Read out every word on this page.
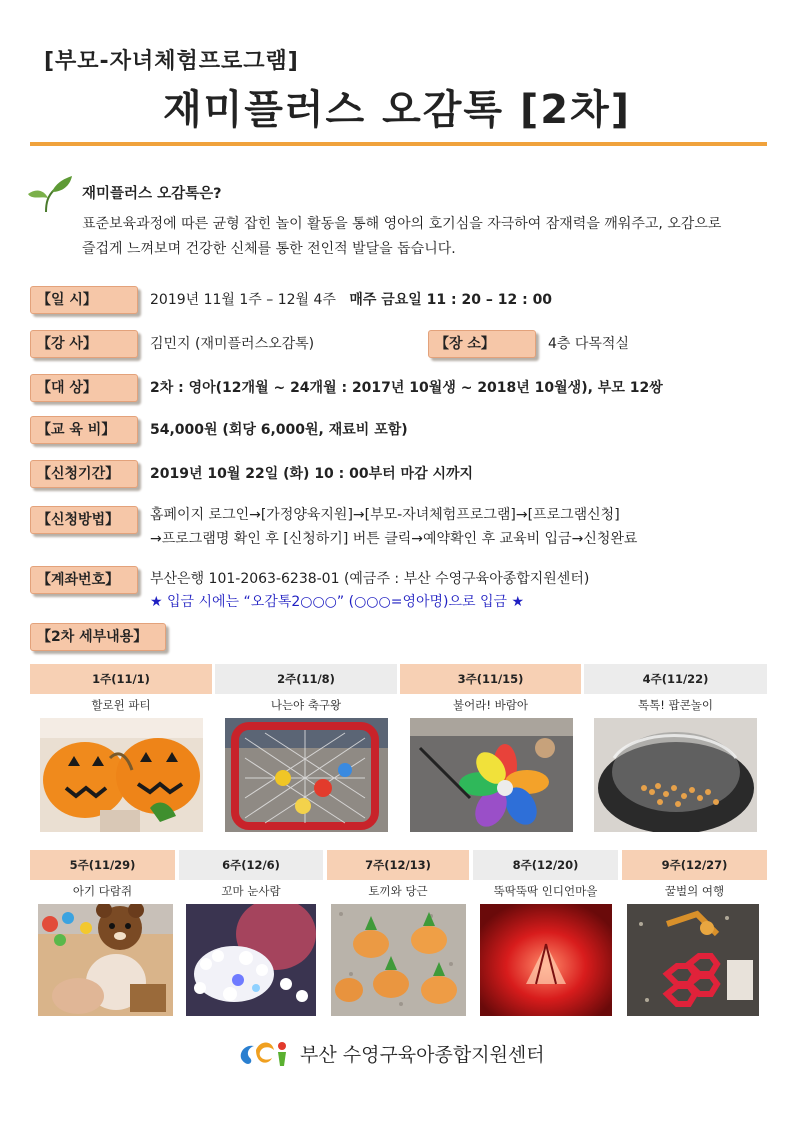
[부모-자녀체험프로그램]
재미플러스 오감톡 [2차]
재미플러스 오감톡은?
표준보육과정에 따른 균형 잡힌 놀이 활동을 통해 영아의 호기심을 자극하여 잠재력을 깨워주고, 오감으로 즐겁게 느껴보며 건강한 신체를 통한 전인적 발달을 돕습니다.
【일 시】	2019년 11월 1주 – 12월 4주 매주 금요일 11 : 20 – 12 : 00
【강 사】	김민지 (재미플러스오감톡)	【장 소】	4층 다목적실
【대 상】	2차 : 영아(12개월 ~ 24개월 : 2017년 10월생 ~ 2018년 10월생), 부모 12쌍
【교 육 비】	54,000원 (회당 6,000원, 재료비 포함)
【신청기간】	2019년 10월 22일 (화) 10 : 00부터 마감 시까지
【신청방법】	홈페이지 로그인→[가정양육지원]→[부모-자녀체험프로그램]→[프로그램신청]
→프로그램명 확인 후 [신청하기] 버튼 클릭→예약확인 후 교육비 입금→신청완료
【계좌번호】	부산은행 101-2063-6238-01 (예금주 : 부산 수영구육아종합지원센터)
★ 입금 시에는 “오감톡2○○○” (○○○=영아명)으로 입금 ★
【2차 세부내용】
1주(11/1)	2주(11/8)	3주(11/15)	4주(11/22)
할로윈 파티	나는야 축구왕	불어라! 바람아	톡톡! 팝콘놀이
5주(11/29)	6주(12/6)	7주(12/13)	8주(12/20)	9주(12/27)
아기 다람쥐	꼬마 눈사람	토끼와 당근	뚝딱뚝딱 인디언마을	꿀벌의 여행
부산 수영구육아종합지원센터
